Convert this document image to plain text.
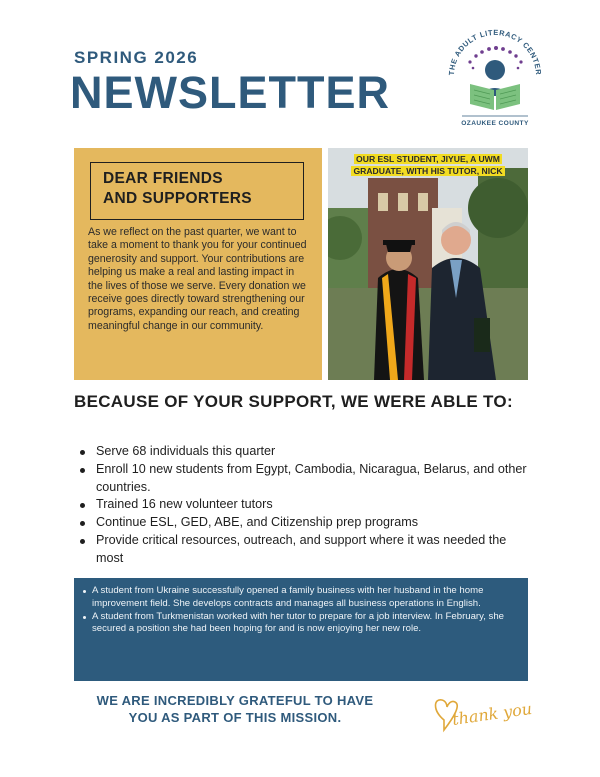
SPRING 2026
NEWSLETTER	THE ADULT LITERACY CENTER
OZAUKEE COUNTY
DEAR FRIENDS
AND SUPPORTERS

As we reflect on the past quarter, we want to take a moment to thank you for your continued generosity and support. Your contributions are helping us make a real and lasting impact in the lives of those we serve. Every donation we receive goes directly toward strengthening our programs, expanding our reach, and creating meaningful change in our community.

OUR ESL STUDENT, JIYUE, A UWM GRADUATE, WITH HIS TUTOR, NICK
BECAUSE OF YOUR SUPPORT, WE WERE ABLE TO:
Serve 68 individuals this quarter
Enroll 10 new students from Egypt, Cambodia, Nicaragua, Belarus, and other countries.
Trained 16 new volunteer tutors
Continue ESL, GED, ABE, and Citizenship prep programs
Provide critical resources, outreach, and support where it was needed the most
A student from Ukraine successfully opened a family business with her husband in the home improvement field. She develops contracts and manages all business operations in English.
A student from Turkmenistan worked with her tutor to prepare for a job interview. In February, she secured a position she had been hoping for and is now enjoying her new role.
WE ARE INCREDIBLY GRATEFUL TO HAVE
YOU AS PART OF THIS MISSION.	thank you
